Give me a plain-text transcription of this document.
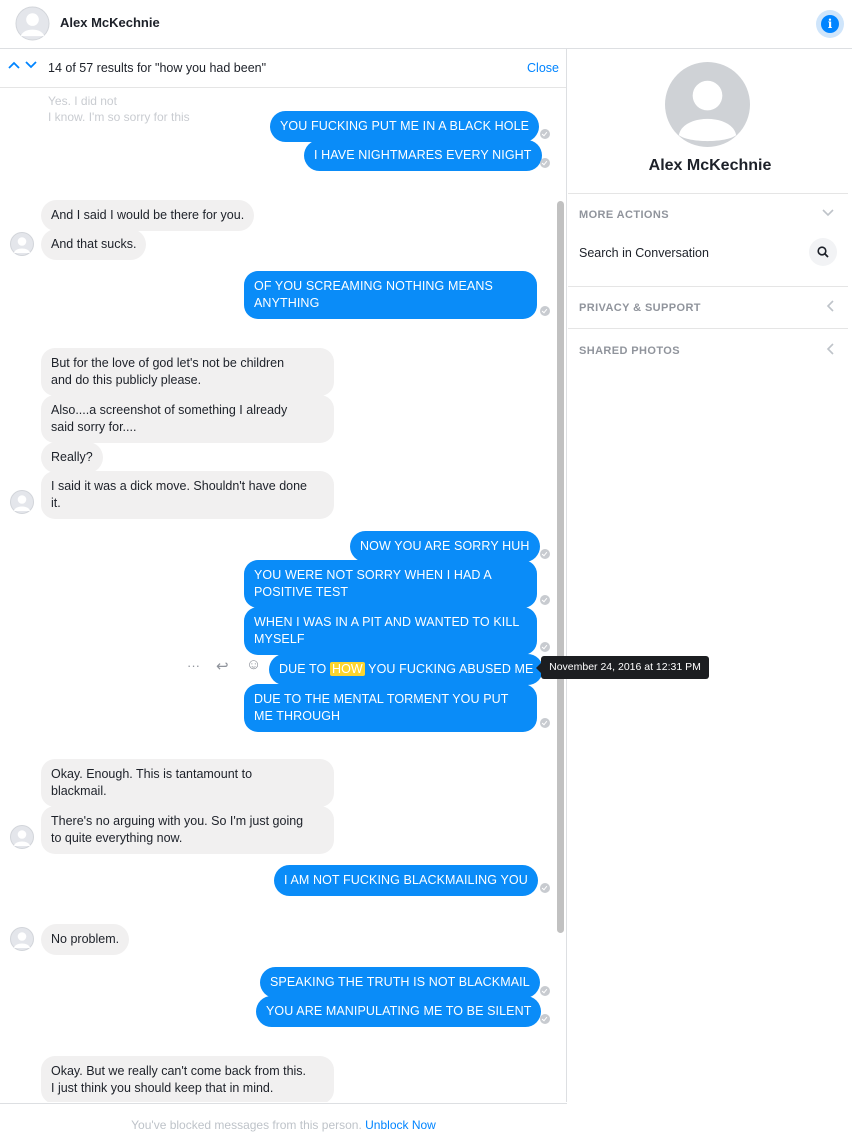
Alex McKechnie	i
Yes. I did not
I know. I'm so sorry for this

14 of 57 results for "how you had been"	Close
YOU FUCKING PUT ME IN A BLACK HOLE
I HAVE NIGHTMARES EVERY NIGHT
And I said I would be there for you.
And that sucks.
OF YOU SCREAMING NOTHING MEANS
ANYTHING
But for the love of god let's not be children
and do this publicly please.
Also....a screenshot of something I already
said sorry for....
Really?
I said it was a dick move. Shouldn't have done
it.
NOW YOU ARE SORRY HUH
YOU WERE NOT SORRY WHEN I HAD A
POSITIVE TEST
WHEN I WAS IN A PIT AND WANTED TO KILL
MYSELF
··· ↩ ☺	DUE TO HOW YOU FUCKING ABUSED ME
DUE TO THE MENTAL TORMENT YOU PUT
ME THROUGH
Okay. Enough. This is tantamount to
blackmail.
There's no arguing with you. So I'm just going
to quite everything now.
I AM NOT FUCKING BLACKMAILING YOU
No problem.
SPEAKING THE TRUTH IS NOT BLACKMAIL
YOU ARE MANIPULATING ME TO BE SILENT
Okay. But we really can't come back from this.
I just think you should keep that in mind.
November 24, 2016 at 12:31 PM
You've blocked messages from this person. Unblock Now
Alex McKechnie
MORE ACTIONS
Search in Conversation
PRIVACY & SUPPORT
SHARED PHOTOS
